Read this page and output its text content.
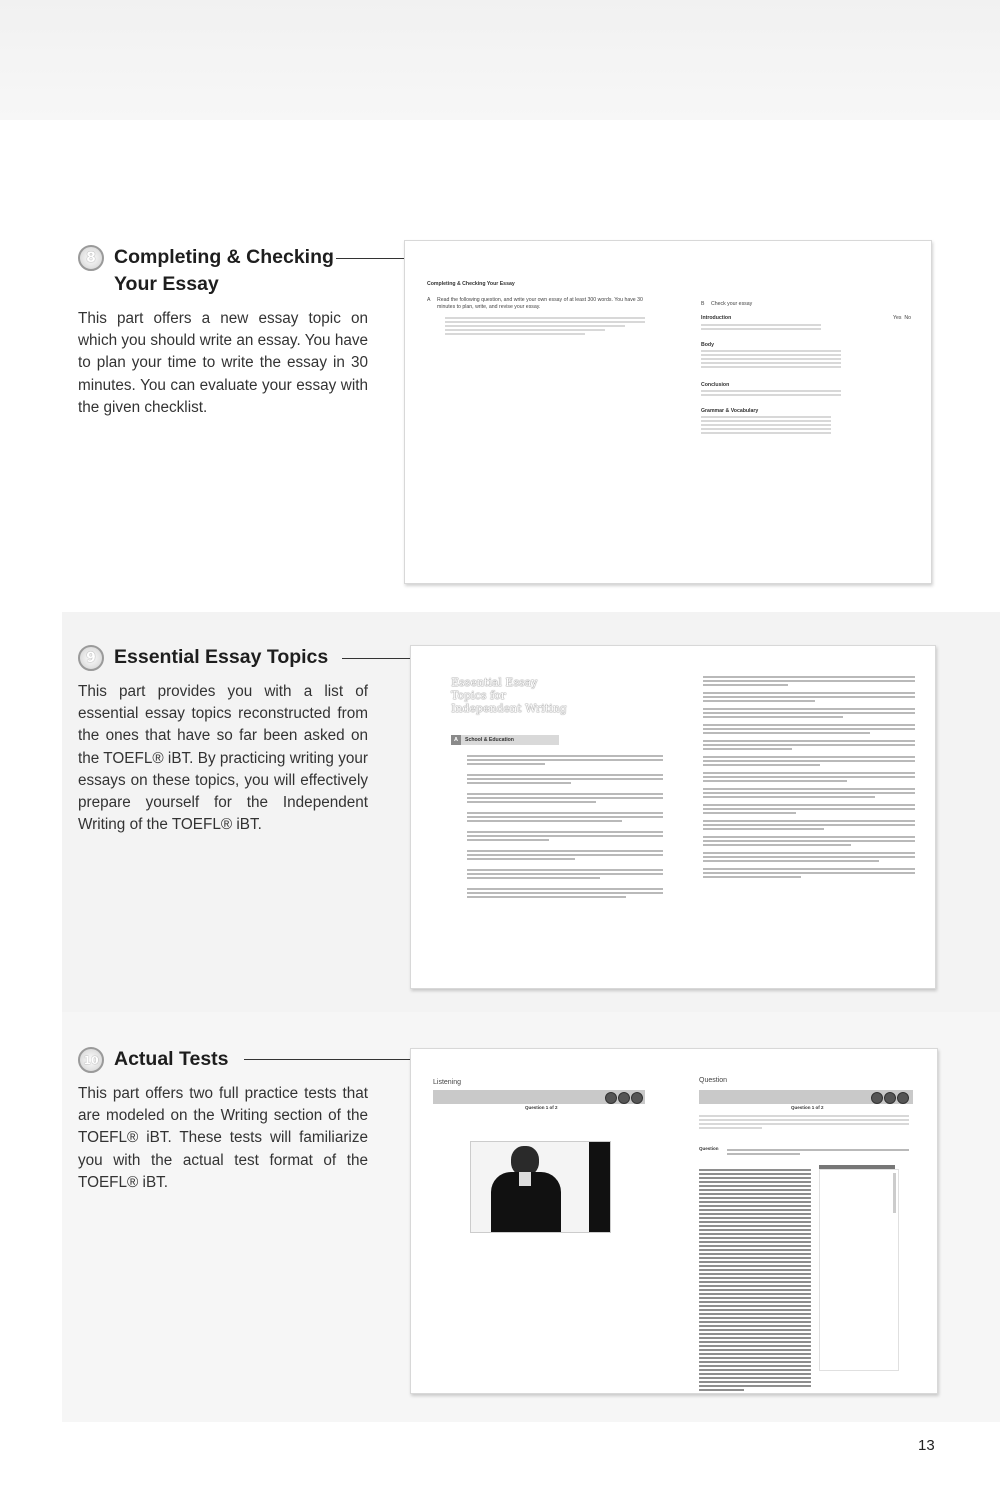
8 Completing & Checking
Your Essay

This part offers a new essay topic on which you should write an essay. You have to plan your time to write the essay in 30 minutes. You can evaluate your essay with the given checklist.

9 Essential Essay Topics

This part provides you with a list of essential essay topics reconstructed from the ones that have so far been asked on the TOEFL® iBT. By practicing writing your essays on these topics, you will effectively prepare yourself for the Independent Writing of the TOEFL® iBT.

10 Actual Tests

This part offers two full practice tests that are modeled on the Writing section of the TOEFL® iBT. These tests will familiarize you with the actual test format of the TOEFL® iBT.

Completing & Checking Your Essay
A	Read the following question, and write your own essay of at least 300 words. You have 30 minutes to plan, write, and revise your essay.	B	Check your essay
Introduction	Yes No
Body
Conclusion
Grammar & Vocabulary
Essential Essay
Topics for
Independent Writing
A	School & Education
Listening
Question 1 of 2
Question
Question 1 of 2
Question
13
